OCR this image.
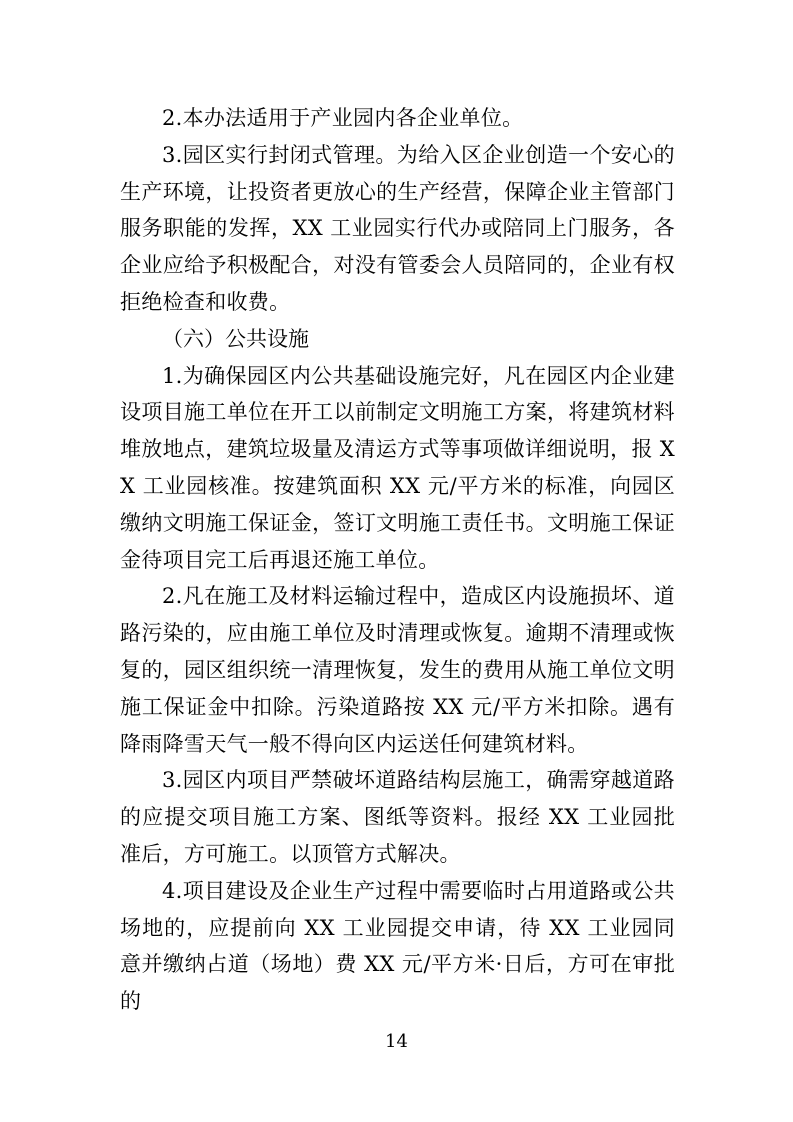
2.本办法适用于产业园内各企业单位。

3.园区实行封闭式管理。为给入区企业创造一个安心的生产环境，让投资者更放心的生产经营，保障企业主管部门服务职能的发挥，XX 工业园实行代办或陪同上门服务，各企业应给予积极配合，对没有管委会人员陪同的，企业有权拒绝检查和收费。

（六）公共设施

1.为确保园区内公共基础设施完好，凡在园区内企业建设项目施工单位在开工以前制定文明施工方案，将建筑材料堆放地点，建筑垃圾量及清运方式等事项做详细说明，报 XX 工业园核准。按建筑面积 XX 元/平方米的标准，向园区缴纳文明施工保证金，签订文明施工责任书。文明施工保证金待项目完工后再退还施工单位。

2.凡在施工及材料运输过程中，造成区内设施损坏、道路污染的，应由施工单位及时清理或恢复。逾期不清理或恢复的，园区组织统一清理恢复，发生的费用从施工单位文明施工保证金中扣除。污染道路按 XX 元/平方米扣除。遇有降雨降雪天气一般不得向区内运送任何建筑材料。

3.园区内项目严禁破坏道路结构层施工，确需穿越道路的应提交项目施工方案、图纸等资料。报经 XX 工业园批准后，方可施工。以顶管方式解决。

4.项目建设及企业生产过程中需要临时占用道路或公共场地的，应提前向 XX 工业园提交申请，待 XX 工业园同意并缴纳占道（场地）费 XX 元/平方米·日后，方可在审批的

14
